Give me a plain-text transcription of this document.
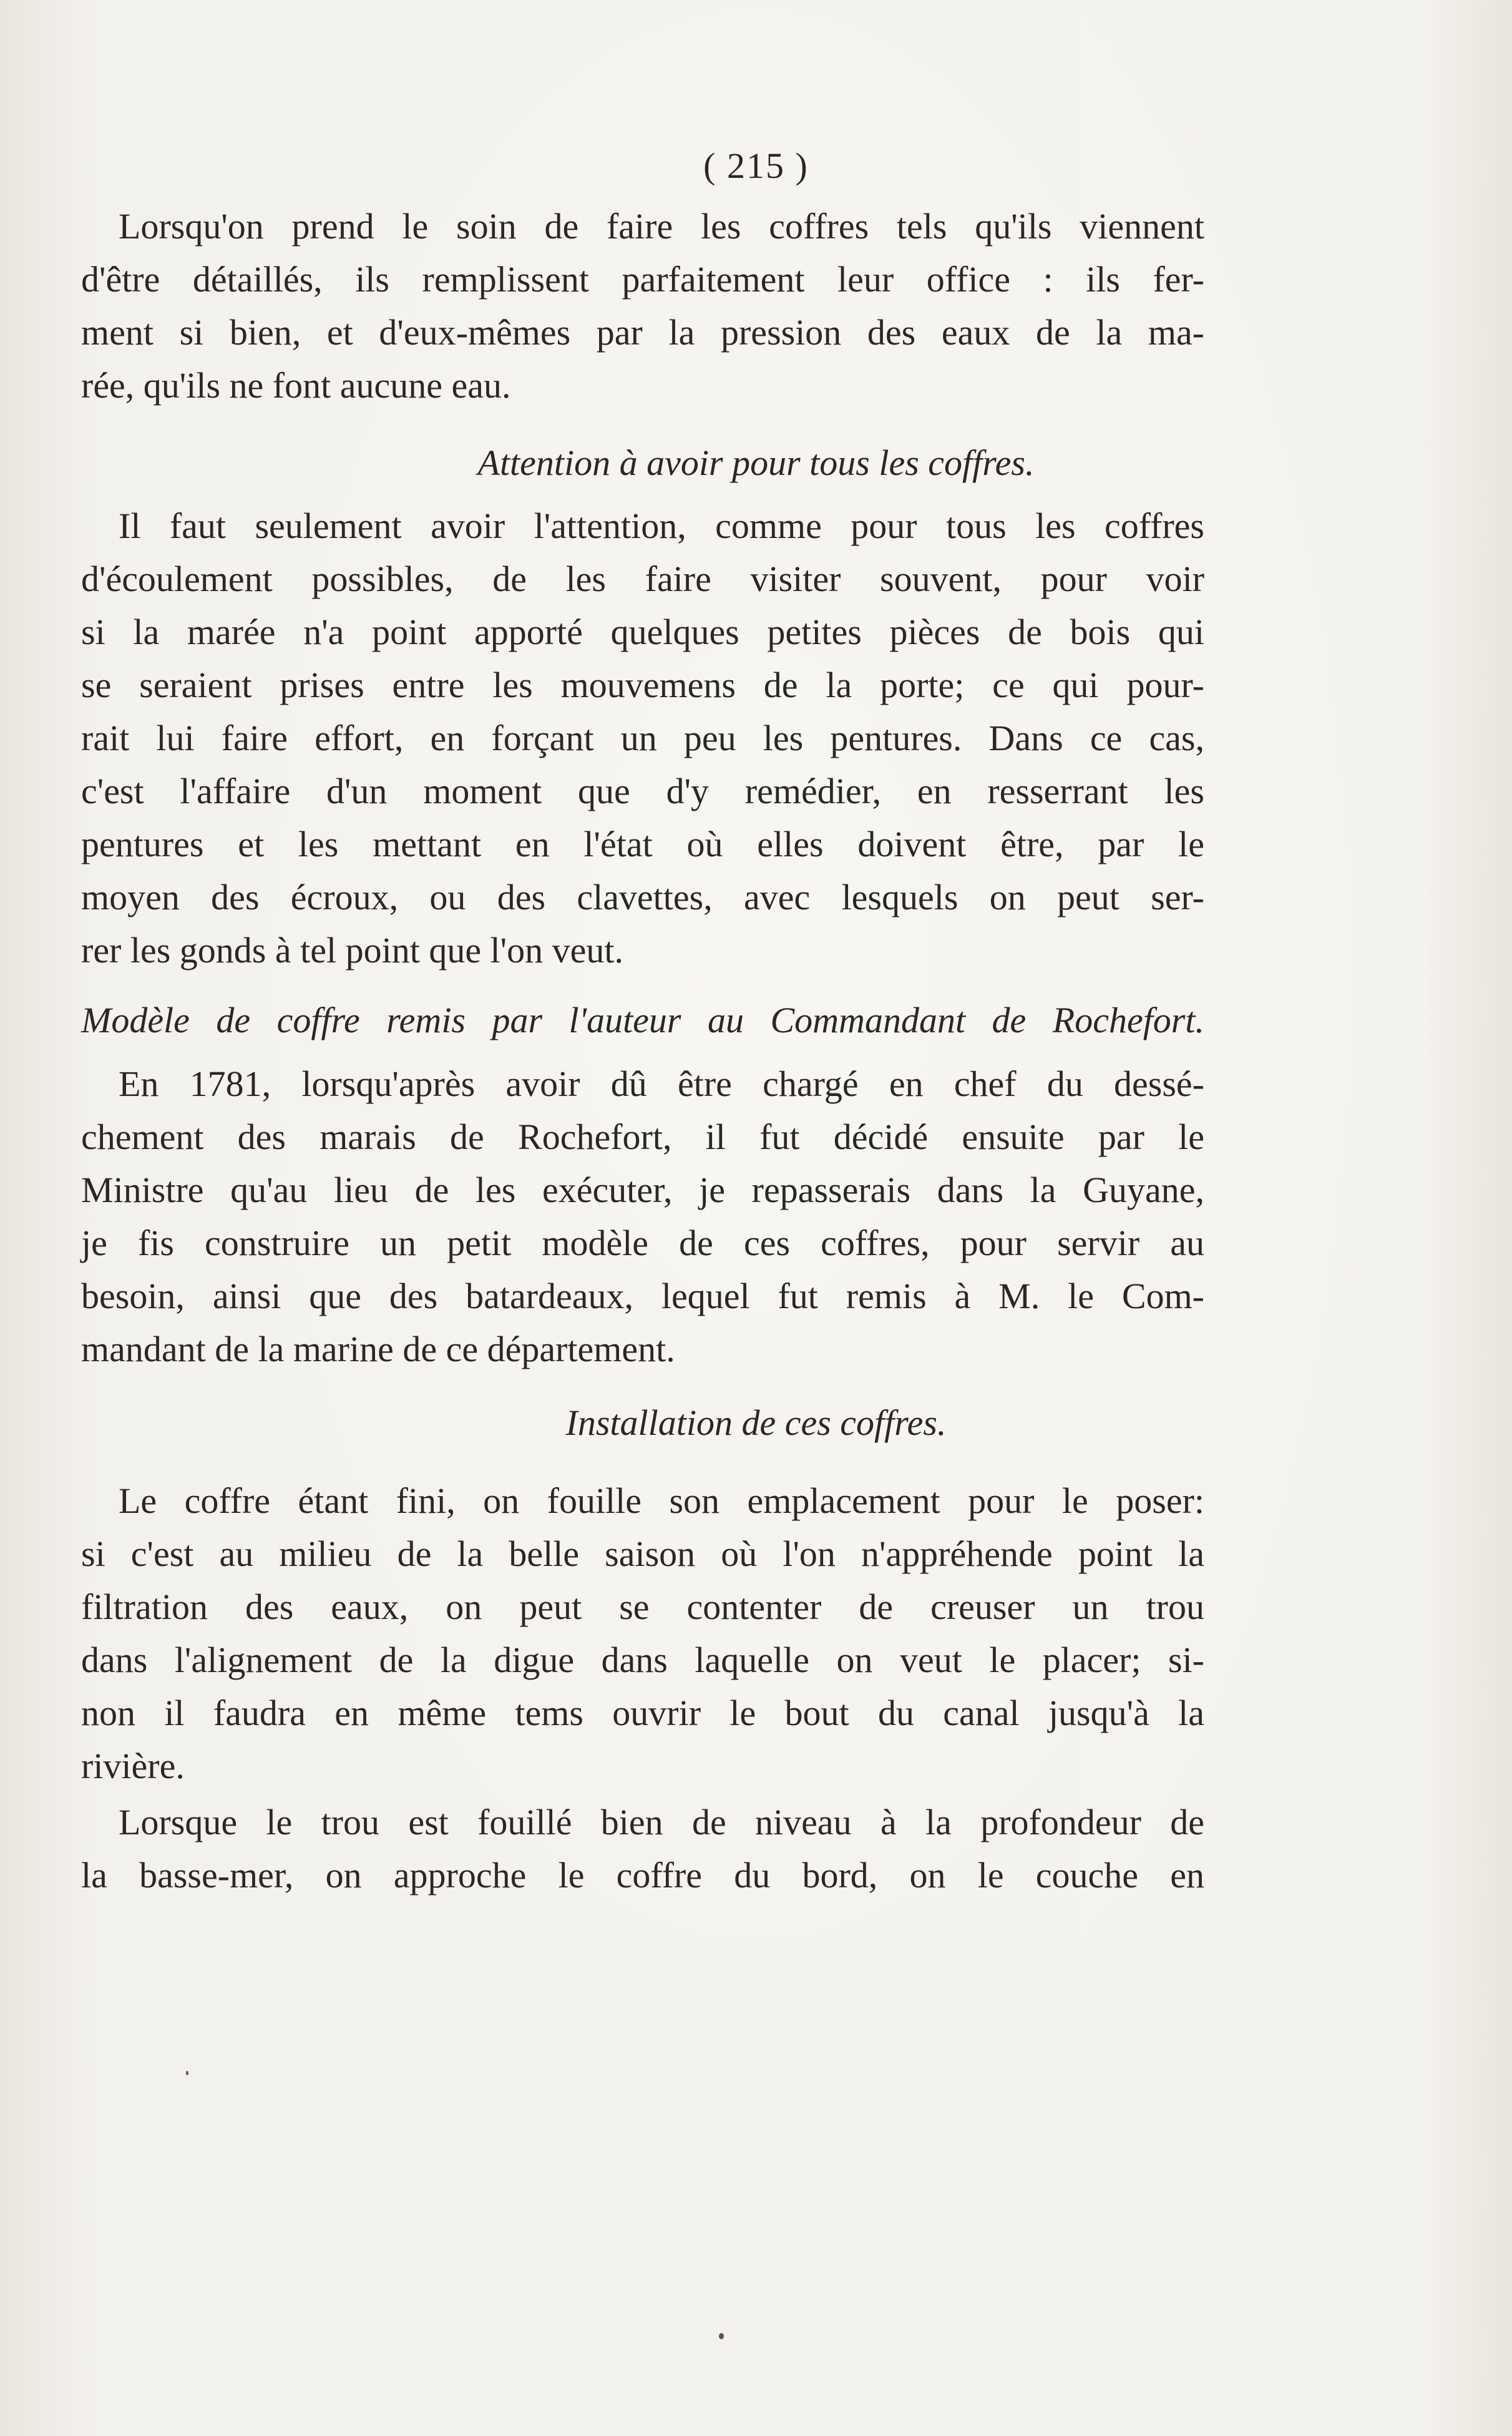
( 215 )
Lorsqu'on prend le soin de faire les coffres tels qu'ils viennent
d'être détaillés, ils remplissent parfaitement leur office : ils fer-
ment si bien, et d'eux-mêmes par la pression des eaux de la ma-
rée, qu'ils ne font aucune eau.
Attention à avoir pour tous les coffres.
Il faut seulement avoir l'attention, comme pour tous les coffres
d'écoulement possibles, de les faire visiter souvent, pour voir
si la marée n'a point apporté quelques petites pièces de bois qui
se seraient prises entre les mouvemens de la porte; ce qui pour-
rait lui faire effort, en forçant un peu les pentures. Dans ce cas,
c'est l'affaire d'un moment que d'y remédier, en resserrant les
pentures et les mettant en l'état où elles doivent être, par le
moyen des écroux, ou des clavettes, avec lesquels on peut ser-
rer les gonds à tel point que l'on veut.
Modèle de coffre remis par l'auteur au Commandant de Rochefort.
En 1781, lorsqu'après avoir dû être chargé en chef du dessé-
chement des marais de Rochefort, il fut décidé ensuite par le
Ministre qu'au lieu de les exécuter, je repasserais dans la Guyane,
je fis construire un petit modèle de ces coffres, pour servir au
besoin, ainsi que des batardeaux, lequel fut remis à M. le Com-
mandant de la marine de ce département.
Installation de ces coffres.
Le coffre étant fini, on fouille son emplacement pour le poser:
si c'est au milieu de la belle saison où l'on n'appréhende point la
filtration des eaux, on peut se contenter de creuser un trou
dans l'alignement de la digue dans laquelle on veut le placer; si-
non il faudra en même tems ouvrir le bout du canal jusqu'à la
rivière.
Lorsque le trou est fouillé bien de niveau à la profondeur de
la basse-mer, on approche le coffre du bord, on le couche en
